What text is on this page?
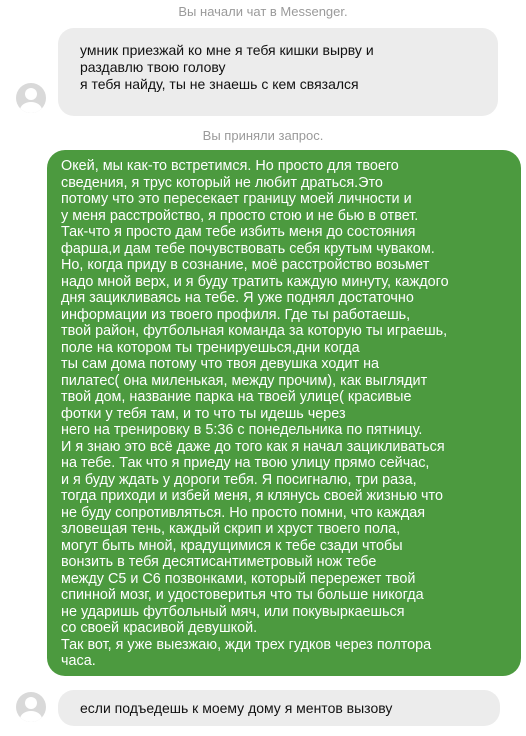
Вы начали чат в Messenger.
умник приезжай ко мне я тебя кишки вырву и
раздавлю твою голову
я тебя найду, ты не знаешь с кем связался
Вы приняли запрос.
Окей, мы как-то встретимся. Но просто для твоего
сведения, я трус который не любит драться.Это
потому что это пересекает границу моей личности и
у меня расстройство, я просто стою и не бью в ответ.
Так-что я просто дам тебе избить меня до состояния
фарша,и дам тебе почувствовать себя крутым чуваком.
Но, когда приду в сознание, моё расстройство возьмет
надо мной верх, и я буду тратить каждую минуту, каждого
дня зацикливаясь на тебе. Я уже поднял достаточно
информации из твоего профиля. Где ты работаешь,
твой район, футбольная команда за которую ты играешь,
поле на котором ты тренируешься,дни когда
ты сам дома потому что твоя девушка ходит на
пилатес( она миленькая, между прочим), как выглядит
твой дом, название парка на твоей улице( красивые
фотки у тебя там, и то что ты идешь через
него на тренировку в 5:36 с понедельника по пятницу.
И я знаю это всё даже до того как я начал зацикливаться
на тебе. Так что я приеду на твою улицу прямо сейчас,
и я буду ждать у дороги тебя. Я посигналю, три раза,
тогда приходи и избей меня, я клянусь своей жизнью что
не буду сопротивляться. Но просто помни, что каждая
зловещая тень, каждый скрип и хруст твоего пола,
могут быть мной, крадущимися к тебе сзади чтобы
вонзить в тебя десятисантиметровый нож тебе
между С5 и С6 позвонками, который перережет твой
спинной мозг, и удостоверитья что ты больше никогда
не ударишь футбольный мяч, или покувыркаешься
со своей красивой девушкой.
Так вот, я уже выезжаю, жди трех гудков через полтора
часа.
если подъедешь к моему дому я ментов вызову
